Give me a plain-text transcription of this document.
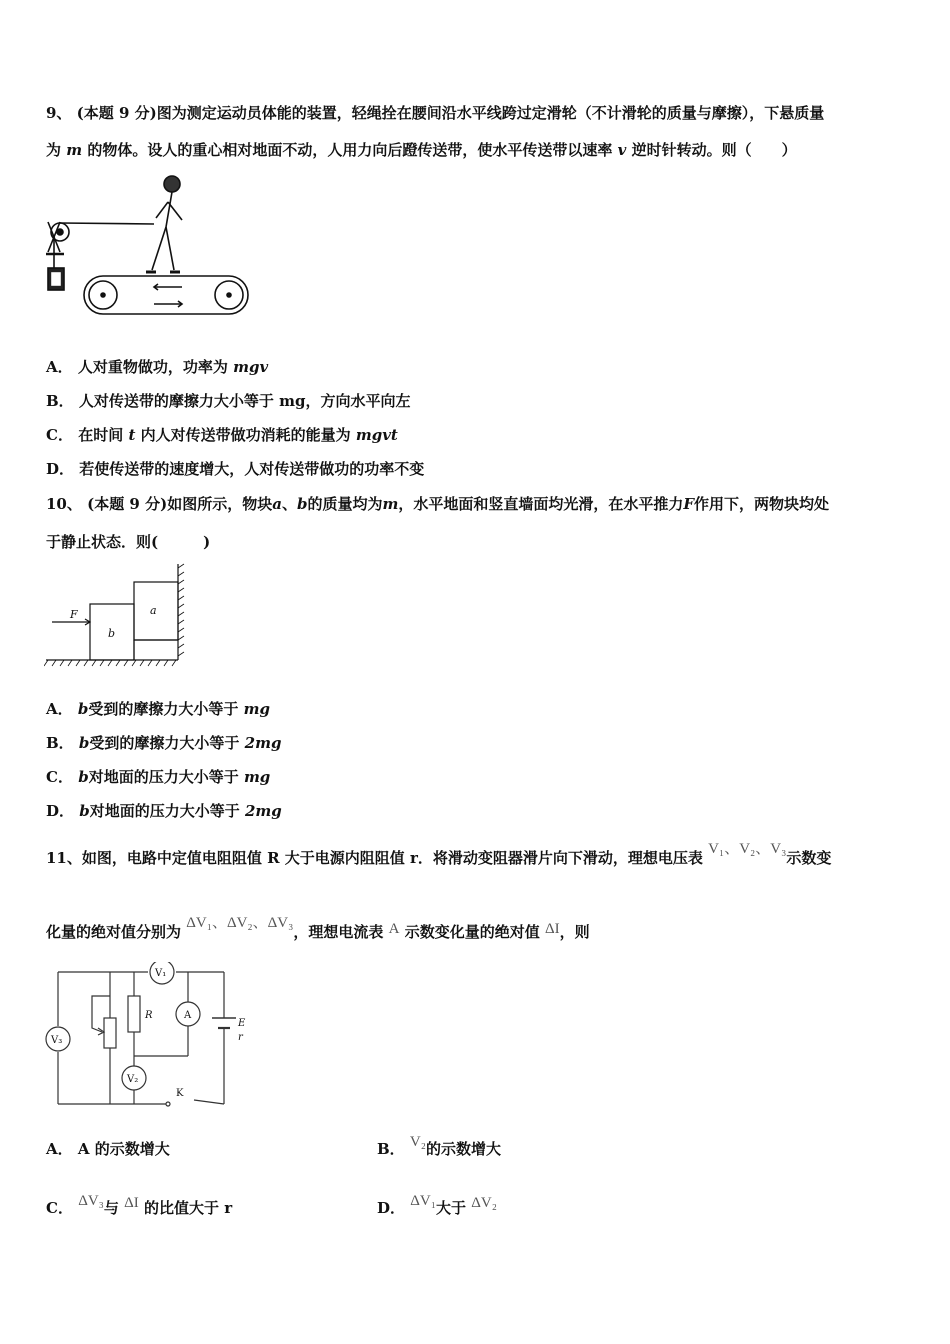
9、 (本题 9 分)图为测定运动员体能的装置，轻绳拴在腰间沿水平线跨过定滑轮（不计滑轮的质量与摩擦），下悬质量
为 m 的物体。设人的重心相对地面不动，人用力向后蹬传送带，使水平传送带以速率 v 逆时针转动。则（　　）
A． 人对重物做功，功率为 mgv
B． 人对传送带的摩擦力大小等于 mg，方向水平向左
C． 在时间 t 内人对传送带做功消耗的能量为 mgvt
D． 若使传送带的速度增大，人对传送带做功的功率不变
10、 (本题 9 分)如图所示，物块a、b的质量均为m，水平地面和竖直墙面均光滑，在水平推力F作用下，两物块均处
于静止状态．则(　　　)
F	a
b
A． b受到的摩擦力大小等于 mg
B． b受到的摩擦力大小等于 2mg
C． b对地面的压力大小等于 mg
D． b对地面的压力大小等于 2mg
11、如图，电路中定值电阻阻值 R 大于电源内阻阻值 r．将滑动变阻器滑片向下滑动，理想电压表 V₁、V₂、V₃示数变
化量的绝对值分别为 ΔV₁、ΔV₂、ΔV₃，理想电流表 A 示数变化量的绝对值 ΔI，则
V₁
V₃
V₂
A
R
E
r
K
A． A 的示数增大	B． V₂的示数增大
C． ΔV₃与 ΔI 的比值大于 r	D． ΔV₁大于 ΔV₂
